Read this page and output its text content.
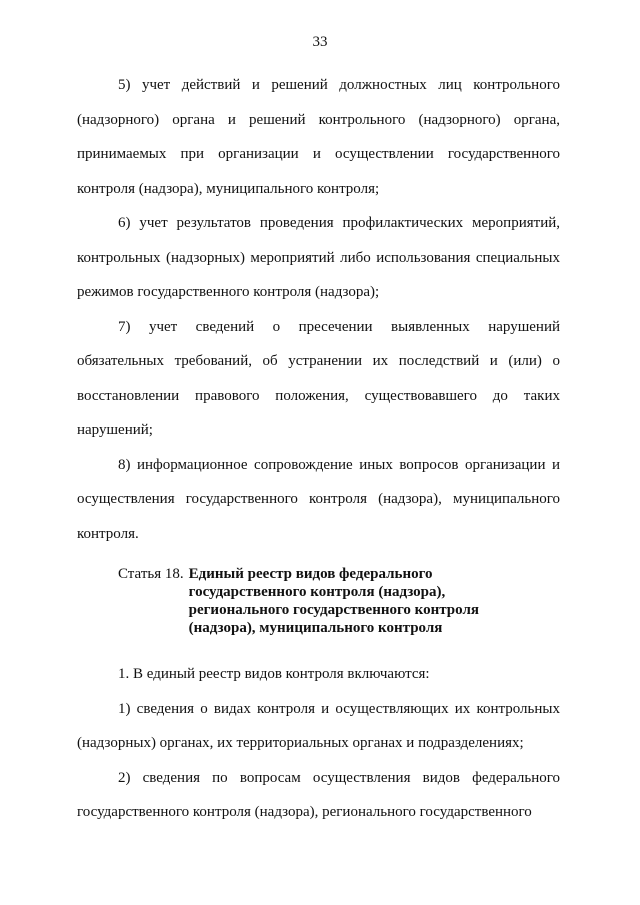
33

5) учет действий и решений должностных лиц контрольного (надзорного) органа и решений контрольного (надзорного) органа, принимаемых при организации и осуществлении государственного контроля (надзора), муниципального контроля;

6) учет результатов проведения профилактических мероприятий, контрольных (надзорных) мероприятий либо использования специальных режимов государственного контроля (надзора);

7) учет сведений о пресечении выявленных нарушений обязательных требований, об устранении их последствий и (или) о восстановлении правового положения, существовавшего до таких нарушений;

8) информационное сопровождение иных вопросов организации и осуществления государственного контроля (надзора), муниципального контроля.

Статья 18. Единый реестр видов федерального государственного контроля (надзора), регионального государственного контроля (надзора), муниципального контроля

1. В единый реестр видов контроля включаются:

1) сведения о видах контроля и осуществляющих их контрольных (надзорных) органах, их территориальных органах и подразделениях;

2) сведения по вопросам осуществления видов федерального государственного контроля (надзора), регионального государственного
